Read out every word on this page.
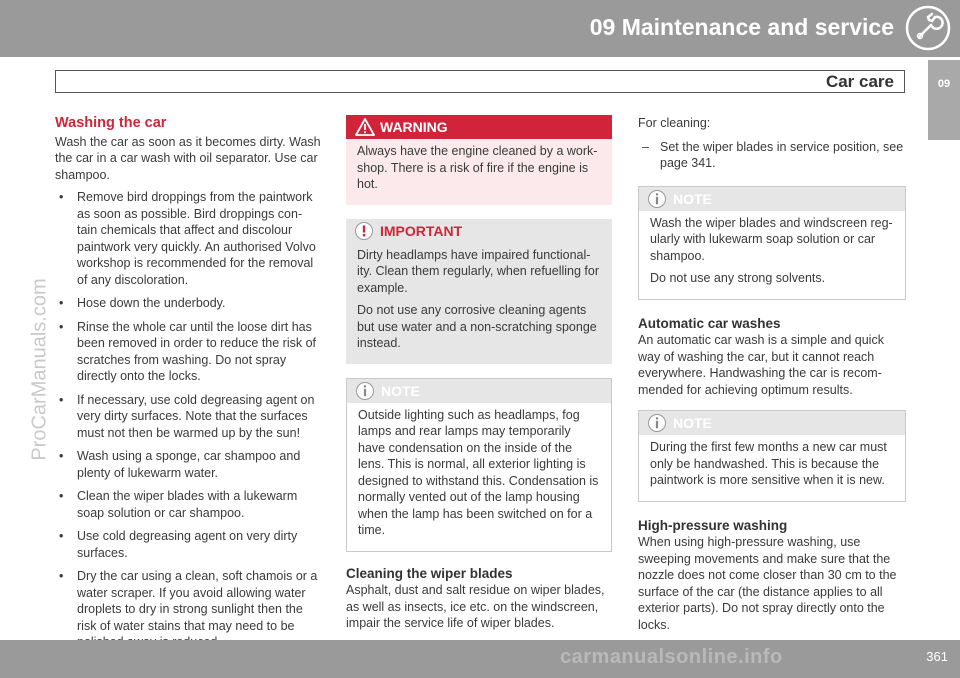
09 Maintenance and service
Car care	09
ProCarManuals.com
Washing the car

Wash the car as soon as it becomes dirty. Wash the car in a car wash with oil separator. Use car shampoo.

• Remove bird droppings from the paintwork as soon as possible. Bird droppings con- tain chemicals that affect and discolour paintwork very quickly. An authorised Volvo workshop is recommended for the removal of any discoloration.
• Hose down the underbody.
• Rinse the whole car until the loose dirt has been removed in order to reduce the risk of scratches from washing. Do not spray directly onto the locks.
• If necessary, use cold degreasing agent on very dirty surfaces. Note that the surfaces must not then be warmed up by the sun!
• Wash using a sponge, car shampoo and plenty of lukewarm water.
• Clean the wiper blades with a lukewarm soap solution or car shampoo.
• Use cold degreasing agent on very dirty surfaces.
• Dry the car using a clean, soft chamois or a water scraper. If you avoid allowing water droplets to dry in strong sunlight then the risk of water stains that may need to be
WARNING

Always have the engine cleaned by a work- shop. There is a risk of fire if the engine is hot.

IMPORTANT

Dirty headlamps have impaired functional- ity. Clean them regularly, when refuelling for example.

Do not use any corrosive cleaning agents but use water and a non-scratching sponge instead.

NOTE

Outside lighting such as headlamps, fog lamps and rear lamps may temporarily have condensation on the inside of the lens. This is normal, all exterior lighting is designed to withstand this. Condensation is normally vented out of the lamp housing when the lamp has been switched on for a time.

Cleaning the wiper blades

Asphalt, dust and salt residue on wiper blades, as well as insects, ice etc. on the windscreen, impair the service life of wiper blades.

For cleaning:

– Set the wiper blades in service position, see page 341.
NOTE

Wash the wiper blades and windscreen reg- ularly with lukewarm soap solution or car shampoo.

Do not use any strong solvents.

Automatic car washes

An automatic car wash is a simple and quick way of washing the car, but it cannot reach everywhere. Handwashing the car is recom- mended for achieving optimum results.

NOTE

During the first few months a new car must only be handwashed. This is because the paintwork is more sensitive when it is new.

High-pressure washing

When using high-pressure washing, use sweeping movements and make sure that the nozzle does not come closer than 30 cm to the surface of the car (the distance applies to all exterior parts). Do not spray directly onto the locks.

361
carmanualsonline.info
